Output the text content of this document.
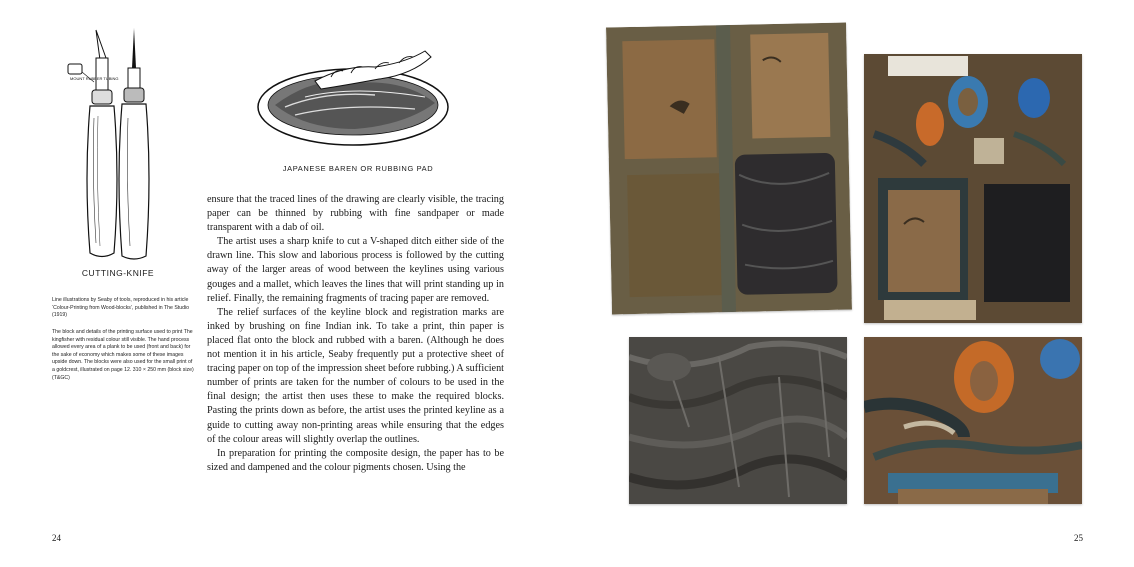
MOUNT RUBBER TUBING
CUTTING-KNIFE
JAPANESE BAREN OR RUBBING PAD
Line illustrations by Seaby of tools, reproduced in his article ‘Colour-Printing from Wood-blocks’, published in The Studio (1919)
The block and details of the printing surface used to print The kingfisher with residual colour still visible. The hand process allowed every area of a plank to be used (front and back) for the sake of economy which makes some of these images upside down. The blocks were also used for the small print of a goldcrest, illustrated on page 12. 310 × 250 mm (block size) (T&GC)

ensure that the traced lines of the drawing are clearly visible, the tracing paper can be thinned by rubbing with fine sandpaper or made transparent with a dab of oil.

The artist uses a sharp knife to cut a V-shaped ditch either side of the drawn line. This slow and laborious process is followed by the cutting away of the larger areas of wood between the keylines using various gouges and a mallet, which leaves the lines that will print standing up in relief. Finally, the remaining fragments of tracing paper are removed.

The relief surfaces of the keyline block and registration marks are inked by brushing on fine Indian ink. To take a print, thin paper is placed flat onto the block and rubbed with a baren. (Although he does not mention it in his article, Seaby frequently put a protective sheet of tracing paper on top of the impression sheet before rubbing.) A sufficient number of prints are taken for the number of colours to be used in the final design; the artist then uses these to make the required blocks. Pasting the prints down as before, the artist uses the printed keyline as a guide to cutting away non-printing areas while ensuring that the edges of the colour areas will slightly overlap the outlines.

In preparation for printing the composite design, the paper has to be sized and dampened and the colour pigments chosen. Using the

24	25
